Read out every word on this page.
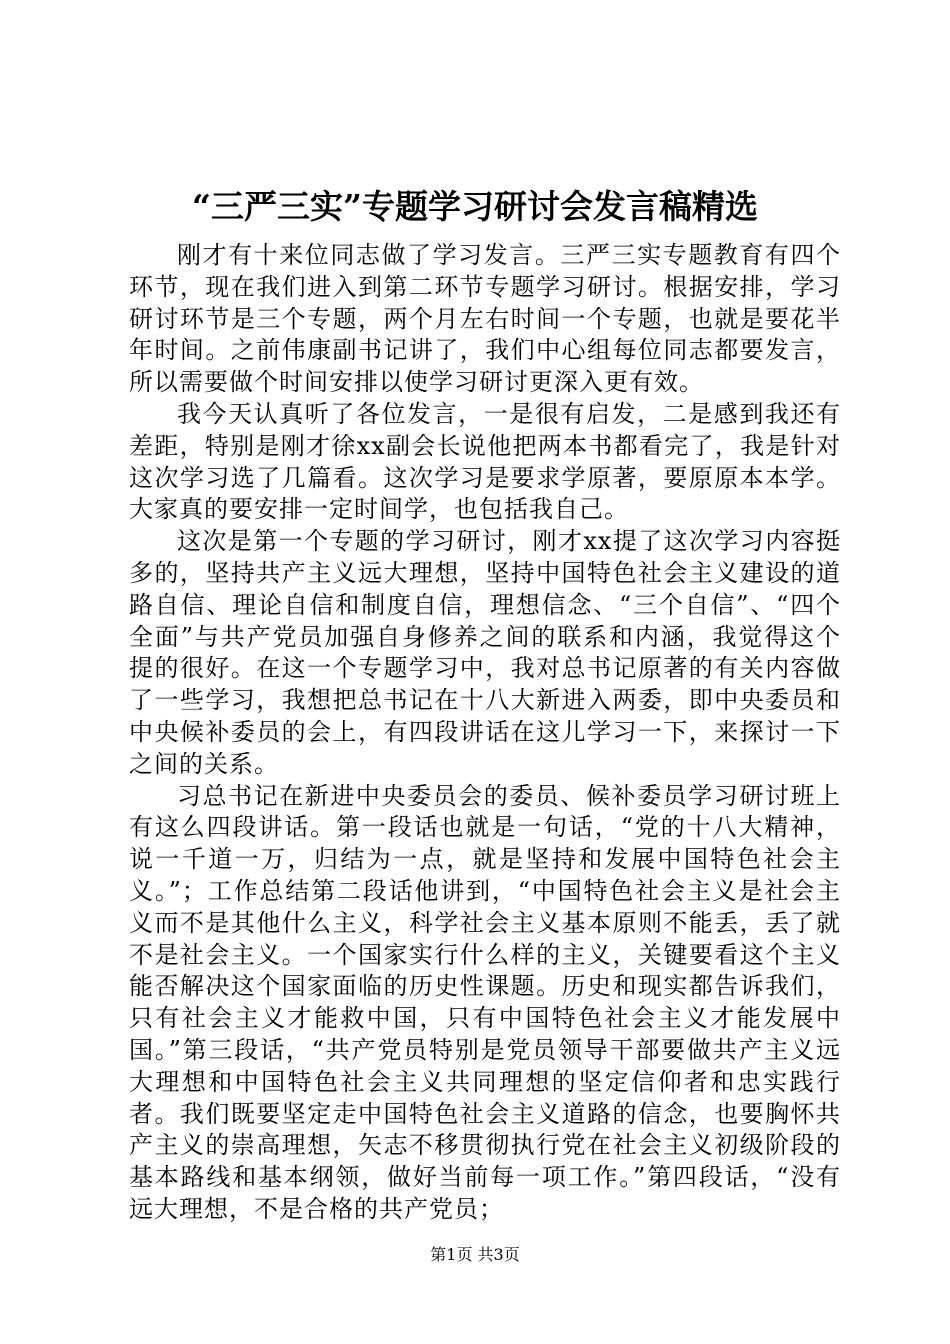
“三严三实”专题学习研讨会发言稿精选

刚才有十来位同志做了学习发言。三严三实专题教育有四个环节，现在我们进入到第二环节专题学习研讨。根据安排，学习研讨环节是三个专题，两个月左右时间一个专题，也就是要花半年时间。之前伟康副书记讲了，我们中心组每位同志都要发言，所以需要做个时间安排以使学习研讨更深入更有效。

我今天认真听了各位发言，一是很有启发，二是感到我还有差距，特别是刚才徐xx副会长说他把两本书都看完了，我是针对这次学习选了几篇看。这次学习是要求学原著，要原原本本学。大家真的要安排一定时间学，也包括我自己。

这次是第一个专题的学习研讨，刚才xx提了这次学习内容挺多的，坚持共产主义远大理想，坚持中国特色社会主义建设的道路自信、理论自信和制度自信，理想信念、“三个自信”、“四个全面”与共产党员加强自身修养之间的联系和内涵，我觉得这个提的很好。在这一个专题学习中，我对总书记原著的有关内容做了一些学习，我想把总书记在十八大新进入两委，即中央委员和中央候补委员的会上，有四段讲话在这儿学习一下，来探讨一下之间的关系。

习总书记在新进中央委员会的委员、候补委员学习研讨班上有这么四段讲话。第一段话也就是一句话，“党的十八大精神，说一千道一万，归结为一点，就是坚持和发展中国特色社会主义。”；工作总结第二段话他讲到，“中国特色社会主义是社会主义而不是其他什么主义，科学社会主义基本原则不能丢，丢了就不是社会主义。一个国家实行什么样的主义，关键要看这个主义能否解决这个国家面临的历史性课题。历史和现实都告诉我们，只有社会主义才能救中国，只有中国特色社会主义才能发展中国。”第三段话，“共产党员特别是党员领导干部要做共产主义远大理想和中国特色社会主义共同理想的坚定信仰者和忠实践行者。我们既要坚定走中国特色社会主义道路的信念，也要胸怀共产主义的崇高理想，矢志不移贯彻执行党在社会主义初级阶段的基本路线和基本纲领，做好当前每一项工作。”第四段话，“没有远大理想，不是合格的共产党员；

第1页 共3页
